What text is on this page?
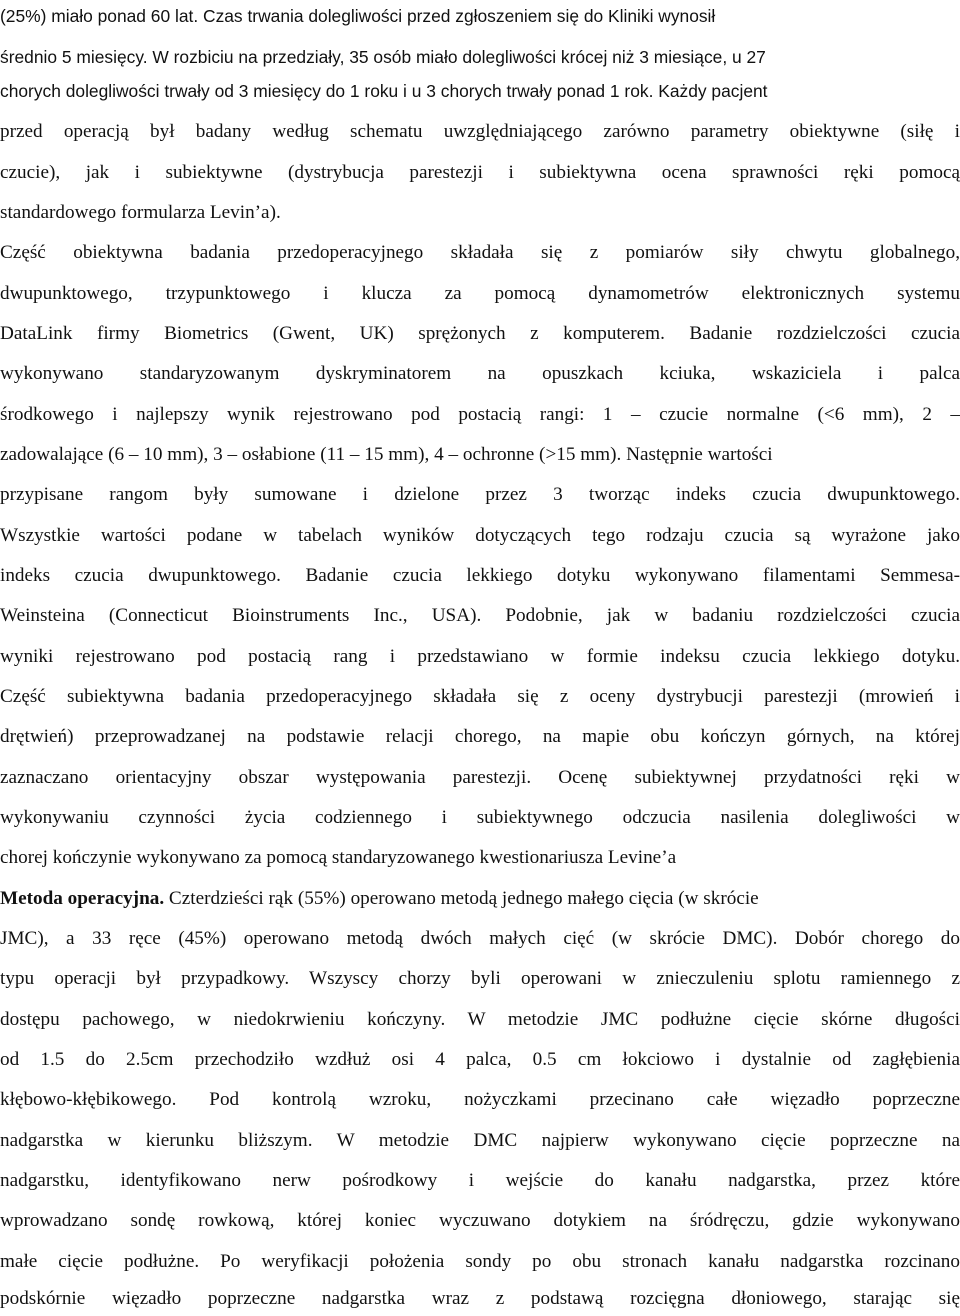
(25%) miało ponad 60 lat. Czas trwania dolegliwości przed zgłoszeniem się do Kliniki wynosił
średnio 5 miesięcy. W rozbiciu na przedziały, 35 osób miało dolegliwości krócej niż 3 miesiące, u 27
chorych dolegliwości trwały od 3 miesięcy do 1 roku i u 3 chorych trwały ponad 1 rok. Każdy pacjent
przed operacją był badany według schematu uwzględniającego zarówno parametry obiektywne (siłę i
czucie), jak i subiektywne (dystrybucja parestezji i subiektywna ocena sprawności ręki pomocą
standardowego formularza Levin’a).
Część obiektywna badania przedoperacyjnego składała się z pomiarów siły chwytu globalnego,
dwupunktowego, trzypunktowego i klucza za pomocą dynamometrów elektronicznych systemu
DataLink firmy Biometrics (Gwent, UK) sprężonych z komputerem. Badanie rozdzielczości czucia
wykonywano standaryzowanym dyskryminatorem na opuszkach kciuka, wskaziciela i palca
środkowego i najlepszy wynik rejestrowano pod postacią rangi: 1 – czucie normalne (<6 mm), 2 –
zadowalające (6 – 10 mm), 3 – osłabione (11 – 15 mm), 4 – ochronne (>15 mm). Następnie wartości
przypisane rangom były sumowane i dzielone przez 3 tworząc indeks czucia dwupunktowego.
Wszystkie wartości podane w tabelach wyników dotyczących tego rodzaju czucia są wyrażone jako
indeks czucia dwupunktowego. Badanie czucia lekkiego dotyku wykonywano filamentami Semmesa-
Weinsteina (Connecticut Bioinstruments Inc., USA). Podobnie, jak w badaniu rozdzielczości czucia
wyniki rejestrowano pod postacią rang i przedstawiano w formie indeksu czucia lekkiego dotyku.
Część subiektywna badania przedoperacyjnego składała się z oceny dystrybucji parestezji (mrowień i
drętwień) przeprowadzanej na podstawie relacji chorego, na mapie obu kończyn górnych, na której
zaznaczano orientacyjny obszar występowania parestezji. Ocenę subiektywnej przydatności ręki w
wykonywaniu czynności życia codziennego i subiektywnego odczucia nasilenia dolegliwości w
chorej kończynie wykonywano za pomocą standaryzowanego kwestionariusza Levine’a
Metoda operacyjna. Czterdzieści rąk (55%) operowano metodą jednego małego cięcia (w skrócie
JMC), a 33 ręce (45%) operowano metodą dwóch małych cięć (w skrócie DMC). Dobór chorego do
typu operacji był przypadkowy. Wszyscy chorzy byli operowani w znieczuleniu splotu ramiennego z
dostępu pachowego, w niedokrwieniu kończyny. W metodzie JMC podłużne cięcie skórne długości
od 1.5 do 2.5cm przechodziło wzdłuż osi 4 palca, 0.5 cm łokciowo i dystalnie od zagłębienia
kłębowo-kłębikowego. Pod kontrolą wzroku, nożyczkami przecinano całe więzadło poprzeczne
nadgarstka w kierunku bliższym. W metodzie DMC najpierw wykonywano cięcie poprzeczne na
nadgarstku, identyfikowano nerw pośrodkowy i wejście do kanału nadgarstka, przez które
wprowadzano sondę rowkową, której koniec wyczuwano dotykiem na śródręczu, gdzie wykonywano
małe cięcie podłużne. Po weryfikacji położenia sondy po obu stronach kanału nadgarstka rozcinano
podskórnie więzadło poprzeczne nadgarstka wraz z podstawą rozcięgna dłoniowego, starając się
